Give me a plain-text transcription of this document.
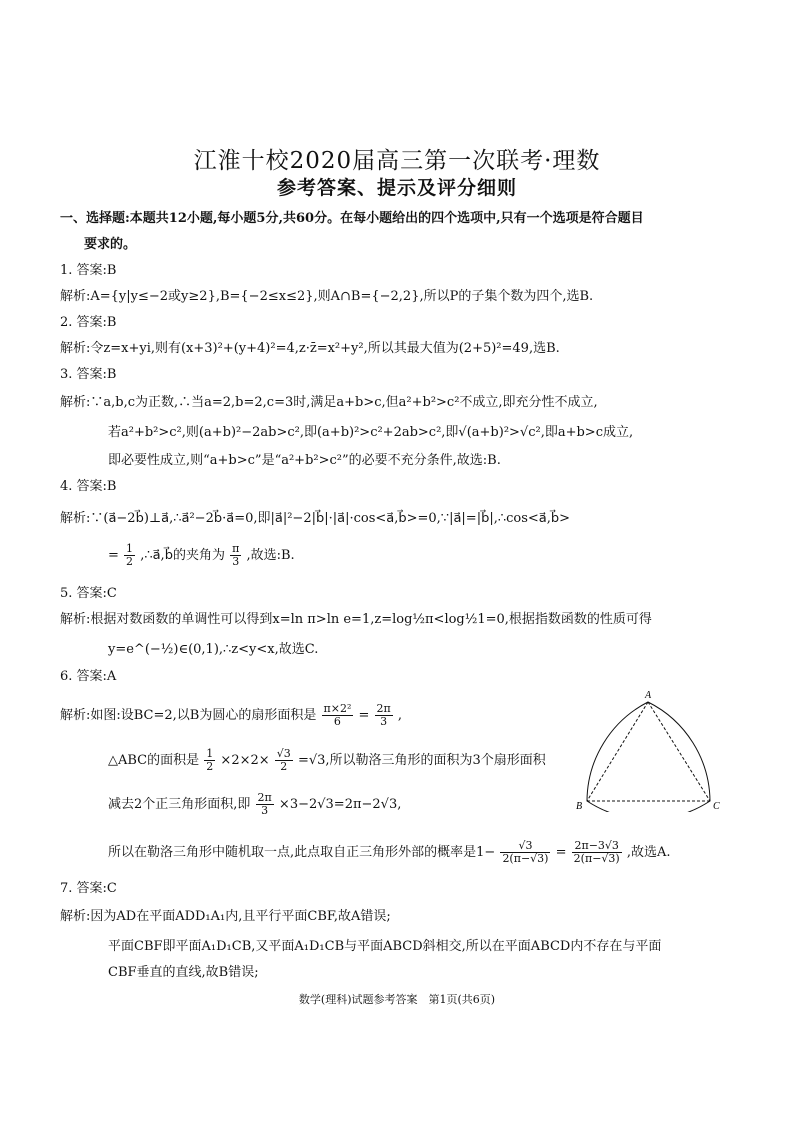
江淮十校2020届高三第一次联考·理数
参考答案、提示及评分细则
一、选择题:本题共12小题,每小题5分,共60分。在每小题给出的四个选项中,只有一个选项是符合题目
要求的。
1. 答案:B
解析:A={y|y≤−2或y≥2},B={−2≤x≤2},则A∩B={−2,2},所以P的子集个数为四个,选B.
2. 答案:B
解析:令z=x+yi,则有(x+3)²+(y+4)²=4,z·z̄=x²+y²,所以其最大值为(2+5)²=49,选B.
3. 答案:B
解析:∵a,b,c为正数,∴当a=2,b=2,c=3时,满足a+b>c,但a²+b²>c²不成立,即充分性不成立,
若a²+b²>c²,则(a+b)²−2ab>c²,即(a+b)²>c²+2ab>c²,即√(a+b)²>√c²,即a+b>c成立,
即必要性成立,则“a+b>c”是“a²+b²>c²”的必要不充分条件,故选:B.
4. 答案:B
解析:∵(a⃗−2b⃗)⊥a⃗,∴a⃗²−2b⃗·a⃗=0,即|a⃗|²−2|b⃗|·|a⃗|·cos<a⃗,b⃗>=0,∵|a⃗|=|b⃗|,∴cos<a⃗,b⃗>
= $\frac{1}{2}$ ,∴a⃗,b⃗的夹角为 $\frac{\pi}{3}$ ,故选:B.
5. 答案:C
解析:根据对数函数的单调性可以得到x=ln π>ln e=1,z=log½π<log½1=0,根据指数函数的性质可得
y=e^(−½)∈(0,1),∴z<y<x,故选C.
6. 答案:A
解析:如图:设BC=2,以B为圆心的扇形面积是 $\frac{\text{π×2²}}{6} = \frac{2\pi}{3}$ ,
△ABC的面积是 $\frac{1}{2} \times 2\times 2\times \frac{√3}{2} =√3$,所以勒洛三角形的面积为3个扇形面积
减去2个正三角形面积,即 $\frac{2\pi}{3} \times 3-2√3=2\pi-2√3$,
所以在勒洛三角形中随机取一点,此点取自正三角形外部的概率是$1- \frac{√3}{2(\pi-√3)} = \frac{2\pi-3√3}{2(\pi-√3)}$ ,故选A.
A
B	C
7. 答案:C
解析:因为AD在平面ADD₁A₁内,且平行平面CBF,故A错误;
平面CBF即平面A₁D₁CB,又平面A₁D₁CB与平面ABCD斜相交,所以在平面ABCD内不存在与平面
CBF垂直的直线,故B错误;
数学(理科)试题参考答案　第1页(共6页)
